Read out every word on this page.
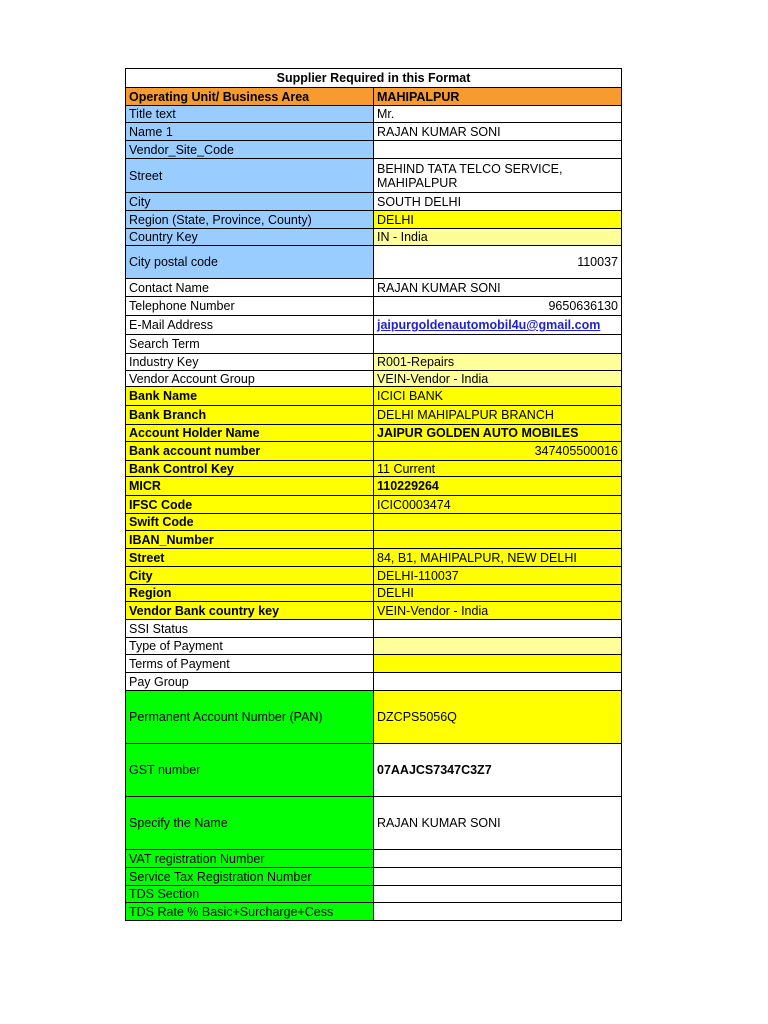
Supplier Required in this Format	
Operating Unit/ Business Area	MAHIPALPUR
Title text	Mr.
Name 1	RAJAN KUMAR SONI
Vendor_Site_Code	
Street	BEHIND TATA TELCO SERVICE, MAHIPALPUR
City	SOUTH DELHI
Region (State, Province, County)	DELHI
Country Key	IN - India
City postal code	110037
Contact Name	RAJAN KUMAR SONI
Telephone Number	9650636130
E-Mail Address	jaipurgoldenautomobil4u@gmail.com
Search Term	
Industry Key	R001-Repairs
Vendor Account Group	VEIN-Vendor - India
Bank Name	ICICI BANK
Bank Branch	DELHI MAHIPALPUR BRANCH
Account Holder Name	JAIPUR GOLDEN AUTO MOBILES
Bank account number	347405500016
Bank Control Key	11 Current
MICR	110229264
IFSC Code	ICIC0003474
Swift Code	
IBAN_Number	
Street	84, B1, MAHIPALPUR, NEW DELHI
City	DELHI-110037
Region	DELHI
Vendor Bank country key	VEIN-Vendor - India
SSI Status	
Type of Payment	
Terms of Payment	
Pay Group	
Permanent Account Number (PAN)	DZCPS5056Q
GST number	07AAJCS7347C3Z7
Specify the Name	RAJAN KUMAR SONI
VAT registration Number	
Service Tax Registration Number	
TDS Section	
TDS Rate % Basic+Surcharge+Cess	
